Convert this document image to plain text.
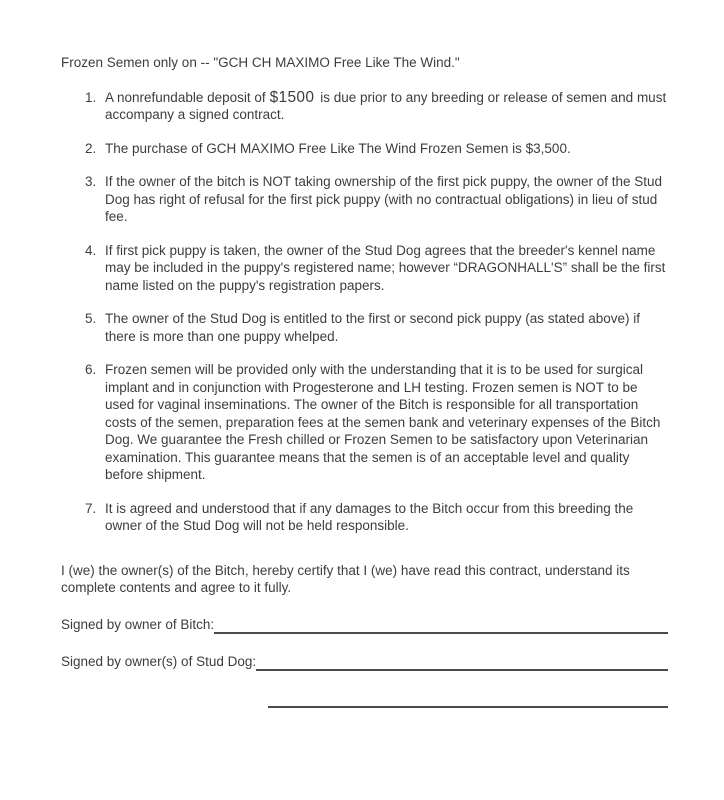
Frozen Semen only on -- "GCH CH MAXIMO Free Like The Wind."
1. A nonrefundable deposit of $1500 is due prior to any breeding or release of semen and must accompany a signed contract.
2. The purchase of GCH MAXIMO Free Like The Wind Frozen Semen is $3,500.
3. If the owner of the bitch is NOT taking ownership of the first pick puppy, the owner of the Stud Dog has right of refusal for the first pick puppy (with no contractual obligations) in lieu of stud fee.
4. If first pick puppy is taken, the owner of the Stud Dog agrees that the breeder's kennel name may be included in the puppy's registered name; however “DRAGONHALL'S” shall be the first name listed on the puppy's registration papers.
5. The owner of the Stud Dog is entitled to the first or second pick puppy (as stated above) if there is more than one puppy whelped.
6. Frozen semen will be provided only with the understanding that it is to be used for surgical implant and in conjunction with Progesterone and LH testing. Frozen semen is NOT to be used for vaginal inseminations. The owner of the Bitch is responsible for all transportation costs of the semen, preparation fees at the semen bank and veterinary expenses of the Bitch Dog. We guarantee the Fresh chilled or Frozen Semen to be satisfactory upon Veterinarian examination. This guarantee means that the semen is of an acceptable level and quality before shipment.
7. It is agreed and understood that if any damages to the Bitch occur from this breeding the owner of the Stud Dog will not be held responsible.

I (we) the owner(s) of the Bitch, hereby certify that I (we) have read this contract, understand its complete contents and agree to it fully.

Signed by owner of Bitch:
Signed by owner(s) of Stud Dog:
